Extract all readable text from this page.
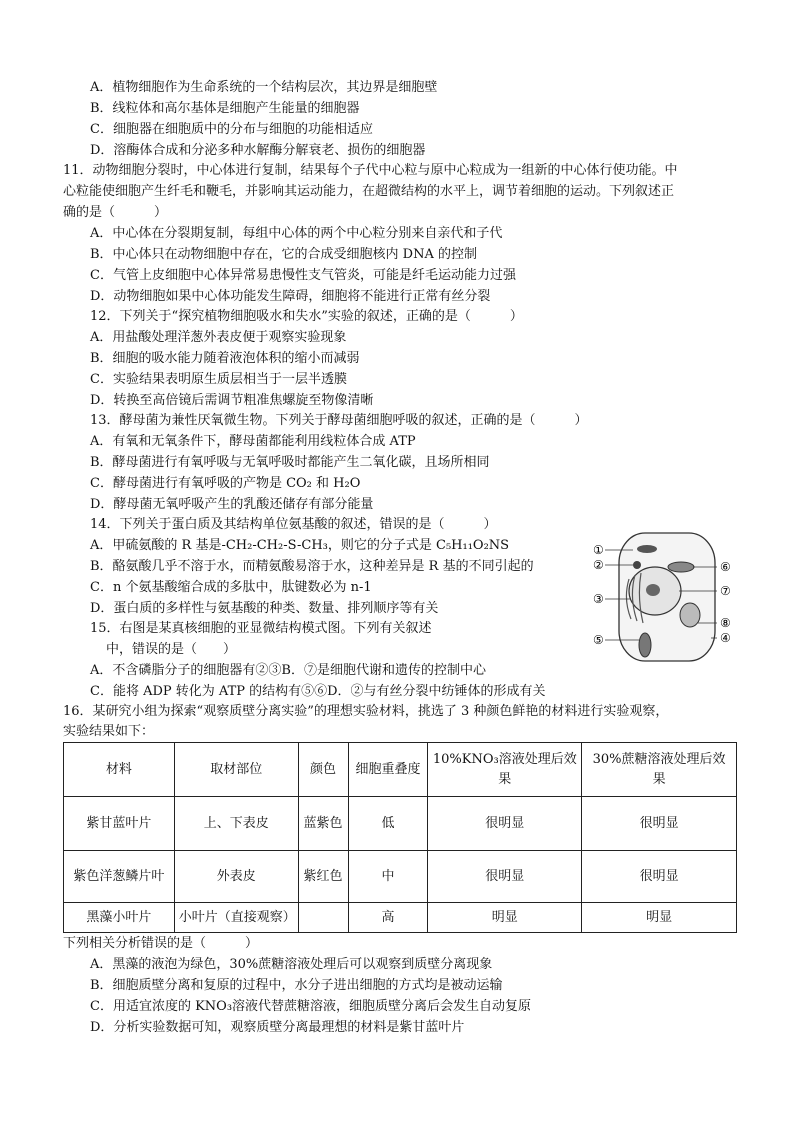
A．植物细胞作为生命系统的一个结构层次，其边界是细胞壁
B．线粒体和高尔基体是细胞产生能量的细胞器
C．细胞器在细胞质中的分布与细胞的功能相适应
D．溶酶体合成和分泌多种水解酶分解衰老、损伤的细胞器
11．动物细胞分裂时，中心体进行复制，结果每个子代中心粒与原中心粒成为一组新的中心体行使功能。中
心粒能使细胞产生纤毛和鞭毛，并影响其运动能力，在超微结构的水平上，调节着细胞的运动。下列叙述正
确的是（　　　）
A．中心体在分裂期复制，每组中心体的两个中心粒分别来自亲代和子代
B．中心体只在动物细胞中存在，它的合成受细胞核内 DNA 的控制
C．气管上皮细胞中心体异常易患慢性支气管炎，可能是纤毛运动能力过强
D．动物细胞如果中心体功能发生障碍，细胞将不能进行正常有丝分裂
12．下列关于“探究植物细胞吸水和失水”实验的叙述，正确的是（　　　）
A．用盐酸处理洋葱外表皮便于观察实验现象
B．细胞的吸水能力随着液泡体积的缩小而减弱
C．实验结果表明原生质层相当于一层半透膜
D．转换至高倍镜后需调节粗准焦螺旋至物像清晰
13．酵母菌为兼性厌氧微生物。下列关于酵母菌细胞呼吸的叙述，正确的是（　　　）
A．有氧和无氧条件下，酵母菌都能利用线粒体合成 ATP
B．酵母菌进行有氧呼吸与无氧呼吸时都能产生二氧化碳，且场所相同
C．酵母菌进行有氧呼吸的产物是 CO₂ 和 H₂O
D．酵母菌无氧呼吸产生的乳酸还储存有部分能量
14．下列关于蛋白质及其结构单位氨基酸的叙述，错误的是（　　　）
A．甲硫氨酸的 R 基是-CH₂-CH₂-S-CH₃，则它的分子式是 C₅H₁₁O₂NS
B．酪氨酸几乎不溶于水，而精氨酸易溶于水，这种差异是 R 基的不同引起的
C．n 个氨基酸缩合成的多肽中，肽键数必为 n-1
D．蛋白质的多样性与氨基酸的种类、数量、排列顺序等有关
15．右图是某真核细胞的亚显微结构模式图。下列有关叙述
中，错误的是（　　）
A．不含磷脂分子的细胞器有②③B．⑦是细胞代谢和遗传的控制中心
C．能将 ADP 转化为 ATP 的结构有⑤⑥D．②与有丝分裂中纺锤体的形成有关
①
②
③
④
⑤
⑥
⑦
⑧
16．某研究小组为探索“观察质壁分离实验”的理想实验材料，挑选了 3 种颜色鲜艳的材料进行实验观察，
实验结果如下：
材料	取材部位	颜色	细胞重叠度	10%KNO₃溶液处理后效果	30%蔗糖溶液处理后效果
紫甘蓝叶片	上、下表皮	蓝紫色	低	很明显	很明显
紫色洋葱鳞片叶	外表皮	紫红色	中	很明显	很明显
黑藻小叶片	小叶片（直接观察）		高	明显	明显
下列相关分析错误的是（　　　）
A．黑藻的液泡为绿色，30%蔗糖溶液处理后可以观察到质壁分离现象
B．细胞质壁分离和复原的过程中，水分子进出细胞的方式均是被动运输
C．用适宜浓度的 KNO₃溶液代替蔗糖溶液，细胞质壁分离后会发生自动复原
D．分析实验数据可知，观察质壁分离最理想的材料是紫甘蓝叶片
